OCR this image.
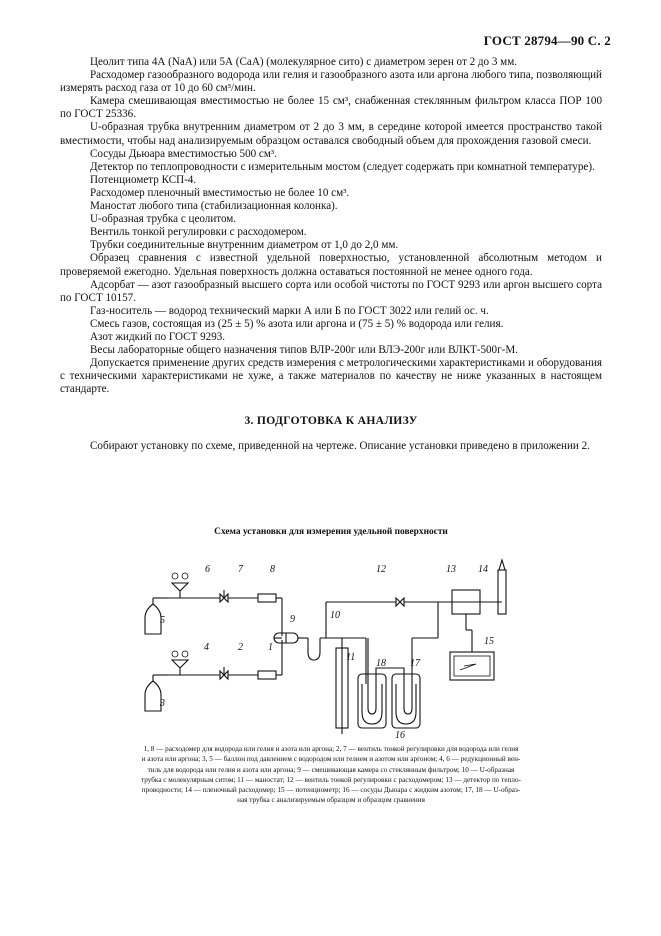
ГОСТ 28794—90 С. 2

Цеолит типа 4А (NaA) или 5А (СаА) (молекулярное сито) с диаметром зерен от 2 до 3 мм.

Расходомер газообразного водорода или гелия и газообразного азота или аргона любого типа, позволяющий измерять расход газа от 10 до 60 см³/мин.

Камера смешивающая вместимостью не более 15 см³, снабженная стеклянным фильтром класса ПОР 100 по ГОСТ 25336.

U-образная трубка внутренним диаметром от 2 до 3 мм, в середине которой имеется пространство такой вместимости, чтобы над анализируемым образцом оставался свободный объем для прохождения газовой смеси.

Сосуды Дьюара вместимостью 500 см³.

Детектор по теплопроводности с измерительным мостом (следует содержать при комнатной температуре).

Потенциометр КСП-4.

Расходомер пленочный вместимостью не более 10 см³.

Маностат любого типа (стабилизационная колонка).

U-образная трубка с цеолитом.

Вентиль тонкой регулировки с расходомером.

Трубки соединительные внутренним диаметром от 1,0 до 2,0 мм.

Образец сравнения с известной удельной поверхностью, установленной абсолютным методом и проверяемой ежегодно. Удельная поверхность должна оставаться постоянной не менее одного года.

Адсорбат — азот газообразный высшего сорта или особой чистоты по ГОСТ 9293 или аргон высшего сорта по ГОСТ 10157.

Газ-носитель — водород технический марки А или Б по ГОСТ 3022 или гелий ос. ч.

Смесь газов, состоящая из (25 ± 5) % азота или аргона и (75 ± 5) % водорода или гелия.

Азот жидкий по ГОСТ 9293.

Весы лабораторные общего назначения типов ВЛР-200г или ВЛЭ-200г или ВЛКТ-500г-М.

Допускается применение других средств измерения с метрологическими характеристиками и оборудования с техническими характеристиками не хуже, а также материалов по качеству не ниже указанных в настоящем стандарте.

3. ПОДГОТОВКА К АНАЛИЗУ

Собирают установку по схеме, приведенной на чертеже. Описание установки приведено в приложении 2.

Схема установки для измерения удельной поверхности
6	7	8
5	9	10
12	13 14
15
4	2	1
11
18 17
3
16
1, 8 — расходомер для водорода или гелия и азота или аргона; 2, 7 — вентиль тонкой регулировки для водорода или гелия
и азота или аргона; 3, 5 — баллон под давлением с водородом или гелием и азотом или аргоном; 4, 6 — редукционный вен-
тиль для водорода или гелия и азота или аргона; 9 — смешивающая камера со стеклянным фильтром; 10 — U-образная
трубка с молекулярным ситом; 11 — маностат; 12 — вентиль тонкой регулировки с расходомером; 13 — детектор по тепло-
проводности; 14 — пленочный расходомер; 15 — потенциометр; 16 — сосуды Дьюара с жидким азотом; 17, 18 — U-образ-
ная трубка с анализируемым образцом и образцом сравнения
